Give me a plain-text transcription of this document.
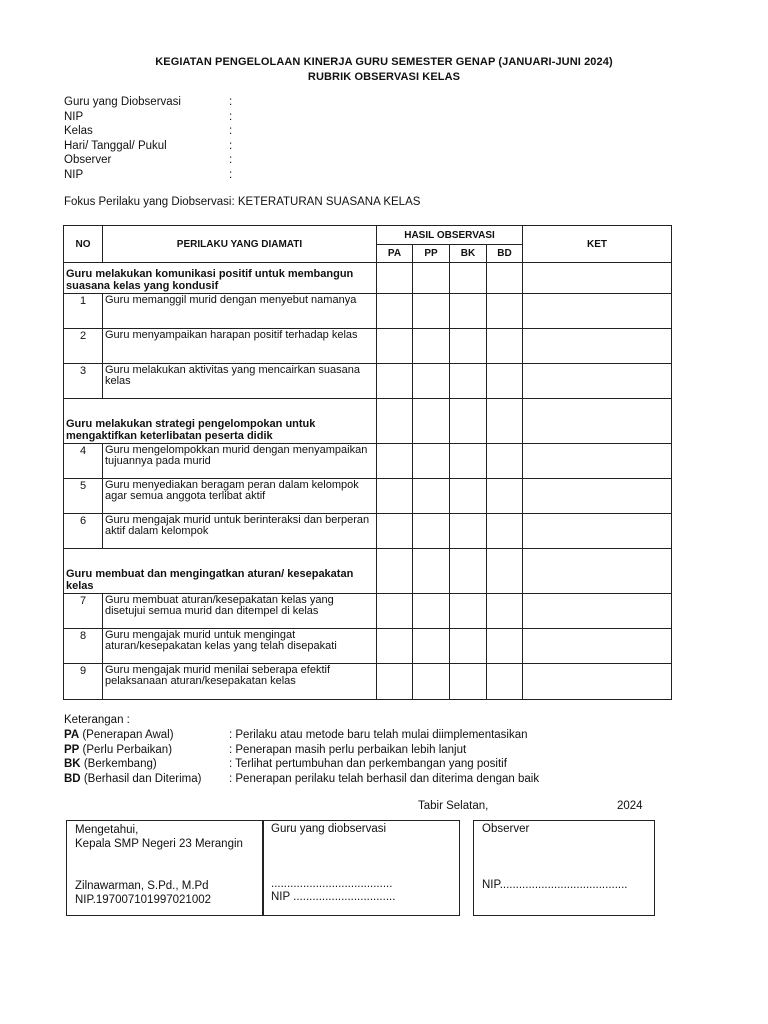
KEGIATAN PENGELOLAAN KINERJA GURU SEMESTER GENAP (JANUARI-JUNI 2024)
RUBRIK OBSERVASI KELAS
Guru yang Diobservasi	:
NIP	:
Kelas	:
Hari/ Tanggal/ Pukul	:
Observer	:
NIP	:
Fokus Perilaku yang Diobservasi: KETERATURAN SUASANA KELAS
NO	PERILAKU YANG DIAMATI	HASIL OBSERVASI				KET
		PA	PP	BK	BD	
Guru melakukan komunikasi positif untuk membangun suasana kelas yang kondusif						
1	Guru memanggil murid dengan menyebut namanya					
2	Guru menyampaikan harapan positif terhadap kelas					
3	Guru melakukan aktivitas yang mencairkan suasana kelas					
Guru melakukan strategi pengelompokan untuk mengaktifkan keterlibatan peserta didik						
4	Guru mengelompokkan murid dengan menyampaikan tujuannya pada murid					
5	Guru menyediakan beragam peran dalam kelompok agar semua anggota terlibat aktif					
6	Guru mengajak murid untuk berinteraksi dan berperan aktif dalam kelompok					
Guru membuat dan mengingatkan aturan/ kesepakatan kelas						
7	Guru membuat aturan/kesepakatan kelas yang disetujui semua murid dan ditempel di kelas					
8	Guru mengajak murid untuk mengingat aturan/kesepakatan kelas yang telah disepakati					
9	Guru mengajak murid menilai seberapa efektif pelaksanaan aturan/kesepakatan kelas					
Keterangan :
PA (Penerapan Awal)	: Perilaku atau metode baru telah mulai diimplementasikan
PP (Perlu Perbaikan)	: Penerapan masih perlu perbaikan lebih lanjut
BK (Berkembang)	: Terlihat pertumbuhan dan perkembangan yang positif
BD (Berhasil dan Diterima) : Penerapan perilaku telah berhasil dan diterima dengan baik
Tabir Selatan,	2024
Mengetahui,
Kepala SMP Negeri 23 Merangin
Zilnawarman, S.Pd., M.Pd
NIP.197007101997021002
Guru yang diobservasi
......................................
NIP ................................
Observer
NIP........................................
